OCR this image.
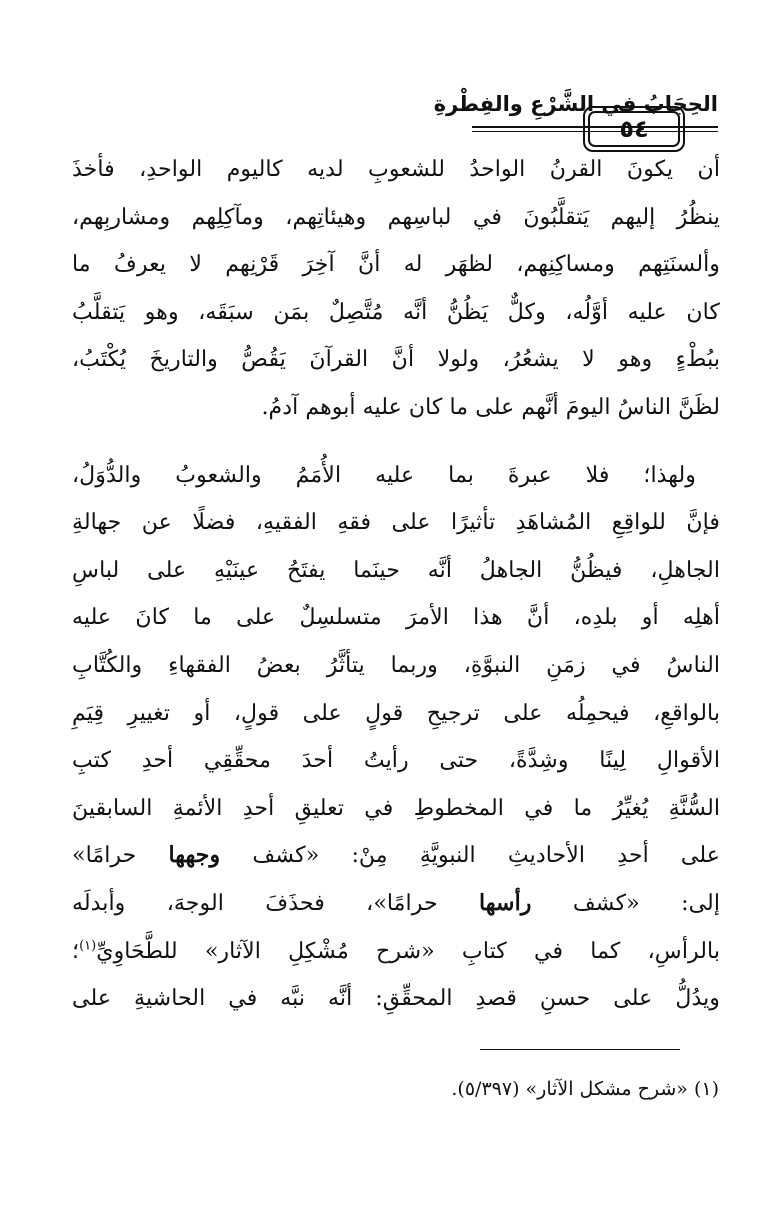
الحِجَابُ في الشَّرْعِ والفِطْرةِ
٥٤
أن يكونَ القرنُ الواحدُ للشعوبِ لديه كاليوم الواحدِ، فأخذَ
ينظُرُ إليهم يَتقلَّبُونَ في لباسِهم وهيئاتِهم، ومآكِلِهم ومشاربِهم،
وألسنَتِهم ومساكِنِهم، لظهَر له أنَّ آخِرَ قَرْنِهم لا يعرفُ ما
كان عليه أوَّلُه، وكلٌّ يَظُنُّ أنَّه مُتَّصِلٌ بمَن سبَقَه، وهو يَتقلَّبُ
ببُطْءٍ وهو لا يشعُرُ، ولولا أنَّ القرآنَ يَقُصُّ والتاريخَ يُكْتَبُ،
لظَنَّ الناسُ اليومَ أنَّهم على ما كان عليه أبوهم آدمُ.
ولهذا؛ فلا عبرةَ بما عليه الأُمَمُ والشعوبُ والدُّوَلُ،
فإنَّ للواقِعِ المُشاهَدِ تأثيرًا على فقهِ الفقيهِ، فضلًا عن جهالةِ
الجاهلِ، فيظُنُّ الجاهلُ أنَّه حينَما يفتَحُ عينَيْهِ على لباسِ
أهلِه أو بلدِه، أنَّ هذا الأمرَ متسلسِلٌ على ما كانَ عليه
الناسُ في زمَنِ النبوَّةِ، وربما يتأثَّرُ بعضُ الفقهاءِ والكُتَّابِ
بالواقعِ، فيحمِلُه على ترجيحِ قولٍ على قولٍ، أو تغييرِ قِيَمِ
الأقوالِ لِينًا وشِدَّةً، حتى رأيتُ أحدَ محقِّقِي أحدِ كتبِ
السُّنَّةِ يُغيِّرُ ما في المخطوطِ في تعليقِ أحدِ الأئمةِ السابقينَ
على أحدِ الأحاديثِ النبويَّةِ مِنْ: «كشف وجهها حرامًا»
إلى: «كشف رأسها حرامًا»، فحذَفَ الوجهَ، وأبدلَه
بالرأسِ، كما في كتابِ «شرح مُشْكِلِ الآثار» للطَّحَاوِيِّ$^{(١)}$؛
ويدُلُّ على حسنِ قصدِ المحقِّقِ: أنَّه نبَّه في الحاشيةِ على
(١) «شرح مشكل الآثار» (٥/٣٩٧).
